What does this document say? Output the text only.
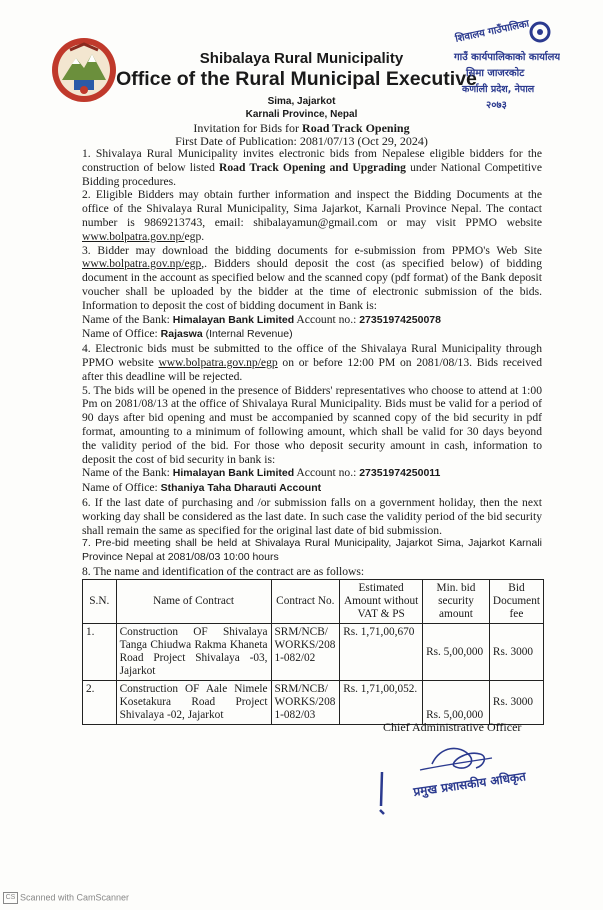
Shibalaya Rural Municipality
Office of the Rural Municipal Executive
Sima, Jajarkot
Karnali Province, Nepal
Invitation for Bids for Road Track Opening
First Date of Publication: 2081/07/13 (Oct 29, 2024)
शिवालय गाउँपालिका
गाउँ कार्यपालिकाको कार्यालय
सिमा जाजरकोट
कर्णाली प्रदेश, नेपाल
२०७३

1. Shivalaya Rural Municipality invites electronic bids from Nepalese eligible bidders for the construction of below listed Road Track Opening and Upgrading under National Competitive Bidding procedures.

2. Eligible Bidders may obtain further information and inspect the Bidding Documents at the office of the Shivalaya Rural Municipality, Sima Jajarkot, Karnali Province Nepal. The contact number is 9869213743, email: shibalayamun@gmail.com or may visit PPMO website www.bolpatra.gov.np/egp.

3. Bidder may download the bidding documents for e-submission from PPMO's Web Site www.bolpatra.gov.np/egp,. Bidders should deposit the cost (as specified below) of bidding document in the account as specified below and the scanned copy (pdf format) of the Bank deposit voucher shall be uploaded by the bidder at the time of electronic submission of the bids. Information to deposit the cost of bidding document in Bank is:

Name of the Bank: Himalayan Bank Limited Account no.: 27351974250078

Name of Office: Rajaswa (Internal Revenue)

4. Electronic bids must be submitted to the office of the Shivalaya Rural Municipality through PPMO website www.bolpatra.gov.np/egp on or before 12:00 PM on 2081/08/13. Bids received after this deadline will be rejected.

5. The bids will be opened in the presence of Bidders' representatives who choose to attend at 1:00 Pm on 2081/08/13 at the office of Shivalaya Rural Municipality. Bids must be valid for a period of 90 days after bid opening and must be accompanied by scanned copy of the bid security in pdf format, amounting to a minimum of following amount, which shall be valid for 30 days beyond the validity period of the bid. For those who deposit security amount in cash, information to deposit the cost of bid security in bank is:

Name of the Bank: Himalayan Bank Limited Account no.: 27351974250011

Name of Office: Sthaniya Taha Dharauti Account

6. If the last date of purchasing and /or submission falls on a government holiday, then the next working day shall be considered as the last date. In such case the validity period of the bid security shall remain the same as specified for the original last date of bid submission.

7. Pre-bid meeting shall be held at Shivalaya Rural Municipality, Jajarkot Sima, Jajarkot Karnali Province Nepal at 2081/08/03 10:00 hours

8. The name and identification of the contract are as follows:

S.N.	Name of Contract	Contract No.	Estimated Amount without VAT & PS	Min. bid security amount	Bid Document fee
1.	Construction OF Shivalaya Tanga Chiudwa Rakma Khaneta Road Project Shivalaya -03, Jajarkot	SRM/NCB/WORKS/2081-082/02	Rs. 1,71,00,670	Rs. 5,00,000	Rs. 3000
2.	Construction OF Aale Nimele Kosetakura Road Project Shivalaya -02, Jajarkot	SRM/NCB/WORKS/2081-082/03	Rs. 1,71,00,052.	Rs. 5,00,000	Rs. 3000
Chief Administrative Officer
प्रमुख प्रशासकीय अधिकृत
CS Scanned with CamScanner
